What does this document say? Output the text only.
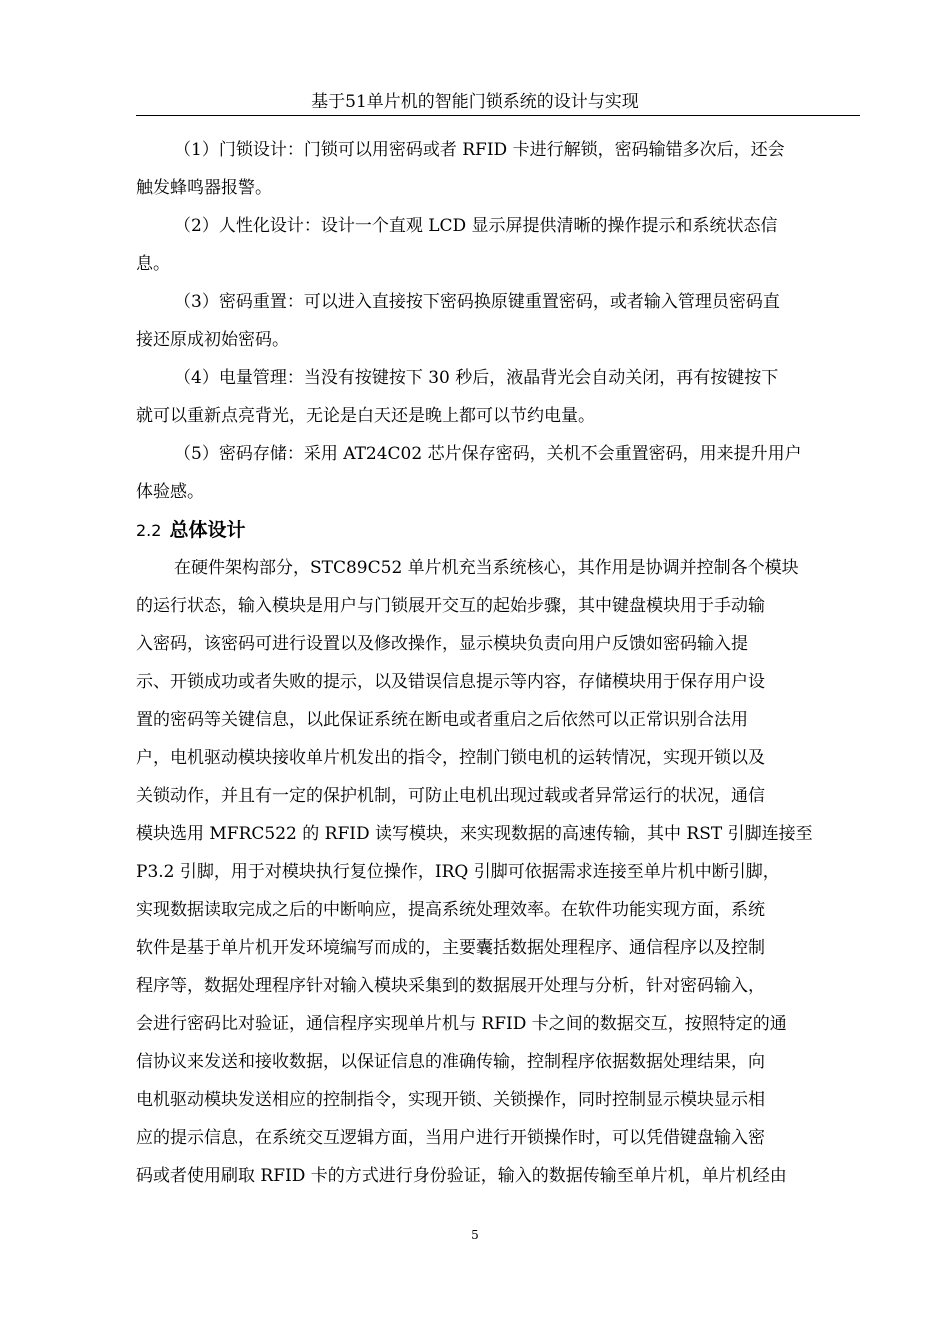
基于51单片机的智能门锁系统的设计与实现
（1）门锁设计：门锁可以用密码或者 RFID 卡进行解锁，密码输错多次后，还会
触发蜂鸣器报警。
（2）人性化设计：设计一个直观 LCD 显示屏提供清晰的操作提示和系统状态信
息。
（3）密码重置：可以进入直接按下密码换原键重置密码，或者输入管理员密码直
接还原成初始密码。
（4）电量管理：当没有按键按下 30 秒后，液晶背光会自动关闭，再有按键按下
就可以重新点亮背光，无论是白天还是晚上都可以节约电量。
（5）密码存储：采用 AT24C02 芯片保存密码，关机不会重置密码，用来提升用户
体验感。
2.2 总体设计
在硬件架构部分，STC89C52 单片机充当系统核心，其作用是协调并控制各个模块
的运行状态，输入模块是用户与门锁展开交互的起始步骤，其中键盘模块用于手动输
入密码，该密码可进行设置以及修改操作，显示模块负责向用户反馈如密码输入提
示、开锁成功或者失败的提示，以及错误信息提示等内容，存储模块用于保存用户设
置的密码等关键信息，以此保证系统在断电或者重启之后依然可以正常识别合法用
户，电机驱动模块接收单片机发出的指令，控制门锁电机的运转情况，实现开锁以及
关锁动作，并且有一定的保护机制，可防止电机出现过载或者异常运行的状况，通信
模块选用 MFRC522 的 RFID 读写模块，来实现数据的高速传输，其中 RST 引脚连接至
P3.2 引脚，用于对模块执行复位操作，IRQ 引脚可依据需求连接至单片机中断引脚，
实现数据读取完成之后的中断响应，提高系统处理效率。在软件功能实现方面，系统
软件是基于单片机开发环境编写而成的，主要囊括数据处理程序、通信程序以及控制
程序等，数据处理程序针对输入模块采集到的数据展开处理与分析，针对密码输入，
会进行密码比对验证，通信程序实现单片机与 RFID 卡之间的数据交互，按照特定的通
信协议来发送和接收数据，以保证信息的准确传输，控制程序依据数据处理结果，向
电机驱动模块发送相应的控制指令，实现开锁、关锁操作，同时控制显示模块显示相
应的提示信息，在系统交互逻辑方面，当用户进行开锁操作时，可以凭借键盘输入密
码或者使用刷取 RFID 卡的方式进行身份验证，输入的数据传输至单片机，单片机经由
5
